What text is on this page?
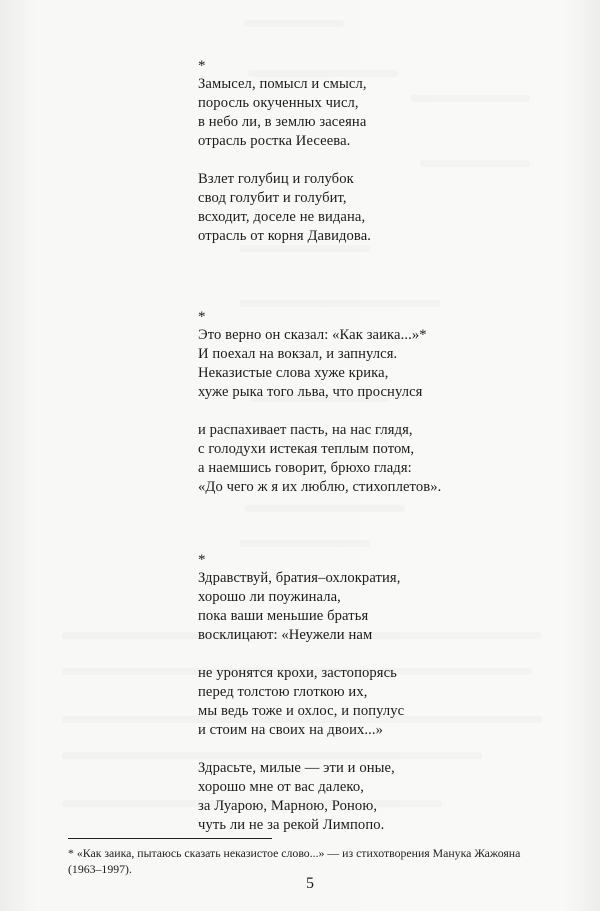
*
Замысел, помысл и смысл,
поросль окученных числ,
в небо ли, в землю засеяна
отрасль ростка Иесеева.
Взлет голубиц и голубок
свод голубит и голубит,
всходит, доселе не видана,
отрасль от корня Давидова.
*
Это верно он сказал: «Как заика...»*
И поехал на вокзал, и запнулся.
Неказистые слова хуже крика,
хуже рыка того льва, что проснулся
и распахивает пасть, на нас глядя,
с голодухи истекая теплым потом,
а наемшись говорит, брюхо гладя:
«До чего ж я их люблю, стихоплетов».
*
Здравствуй, братия–охлократия,
хорошо ли поужинала,
пока ваши меньшие братья
восклицают: «Неужели нам
не уронятся крохи, застопорясь
перед толстою глоткою их,
мы ведь тоже и охлос, и популус
и стоим на своих на двоих...»
Здрасьте, милые — эти и оные,
хорошо мне от вас далеко,
за Луарою, Марною, Роною,
чуть ли не за рекой Лимпопо.
* «Как заика, пытаюсь сказать неказистое слово...» — из стихотворения Манука Жажояна
(1963–1997).
5
